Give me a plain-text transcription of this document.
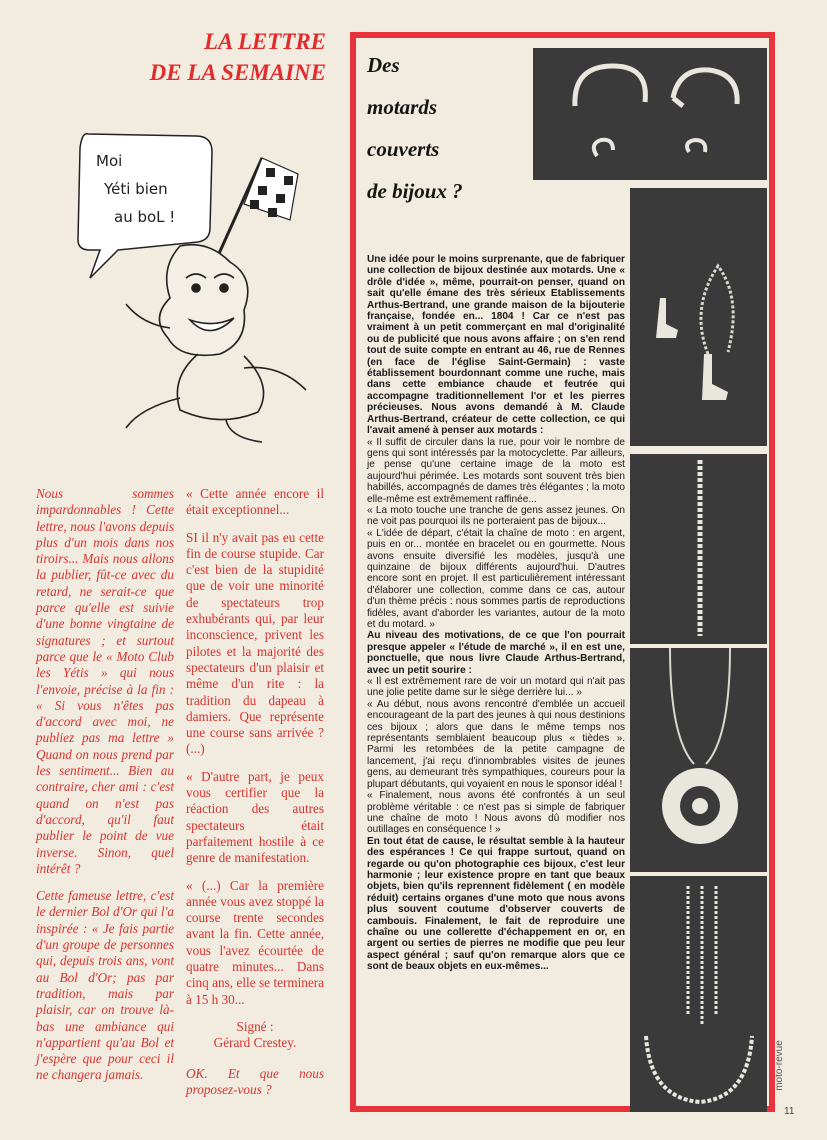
LA LETTRE
DE LA SEMAINE
Moi
Yéti bien
au boL !

Nous sommes impardonnables ! Cette lettre, nous l'avons depuis plus d'un mois dans nos tiroirs... Mais nous allons la publier, fût-ce avec du retard, ne serait-ce que parce qu'elle est suivie d'une bonne vingtaine de signatures ; et surtout parce que le « Moto Club les Yétis » qui nous l'envoie, précise à la fin : « Si vous n'êtes pas d'accord avec moi, ne publiez pas ma lettre » Quand on nous prend par les sentiment... Bien au contraire, cher ami : c'est quand on n'est pas d'accord, qu'il faut publier le point de vue inverse. Sinon, quel intérêt ?

Cette fameuse lettre, c'est le dernier Bol d'Or qui l'a inspirée : « Je fais partie d'un groupe de personnes qui, depuis trois ans, vont au Bol d'Or; pas par tradition, mais par plaisir, car on trouve là-bas une ambiance qui n'appartient qu'au Bol et j'espère que pour ceci il ne changera jamais.

« Cette année encore il était exceptionnel...

SI il n'y avait pas eu cette fin de course stupide. Car c'est bien de la stupidité que de voir une minorité de spectateurs trop exhubérants qui, par leur inconscience, privent les pilotes et la majorité des spectateurs d'un plaisir et même d'un rite : la tradition du dapeau à damiers. Que représente une course sans arrivée ? (...)

« D'autre part, je peux vous certifier que la réaction des autres spectateurs était parfaitement hostile à ce genre de manifestation.

« (...) Car la première année vous avez stoppé la course trente secondes avant la fin. Cette année, vous l'avez écourtée de quatre minutes... Dans cinq ans, elle se terminera à 15 h 30...

Signé :

Gérard Crestey.

OK. Et que nous proposez-vous ?

Des
motards
couverts
de bijoux ?

Une idée pour le moins surprenante, que de fabriquer une collection de bijoux destinée aux motards. Une « drôle d'idée », même, pourrait-on penser, quand on sait qu'elle émane des très sérieux Etablissements Arthus-Bertrand, une grande maison de la bijouterie française, fondée en... 1804 ! Car ce n'est pas vraiment à un petit commerçant en mal d'originalité ou de publicité que nous avons affaire ; on s'en rend tout de suite compte en entrant au 46, rue de Rennes (en face de l'église Saint-Germain) : vaste établissement bourdonnant comme une ruche, mais dans cette embiance chaude et feutrée qui accompagne traditionnellement l'or et les pierres précieuses. Nous avons demandé à M. Claude Arthus-Bertrand, créateur de cette collection, ce qui l'avait amené à penser aux motards :

« Il suffit de circuler dans la rue, pour voir le nombre de gens qui sont intéressés par la motocyclette. Par ailleurs, je pense qu'une certaine image de la moto est aujourd'hui périmée. Les motards sont souvent très bien habillés, accompagnés de dames très élégantes ; la moto elle-même est extrêmement raffinée...

« La moto touche une tranche de gens assez jeunes. On ne voit pas pourquoi ils ne porteraient pas de bijoux...

« L'idée de départ, c'était la chaîne de moto : en argent, puis en or... montée en bracelet ou en gourmette. Nous avons ensuite diversifié les modèles, jusqu'à une quinzaine de bijoux différents aujourd'hui. D'autres encore sont en projet. Il est particulièrement intéressant d'élaborer une collection, comme dans ce cas, autour d'un thème précis : nous sommes partis de reproductions fidèles, avant d'aborder les variantes, autour de la moto et du motard. »

Au niveau des motivations, de ce que l'on pourrait presque appeler « l'étude de marché », il en est une, ponctuelle, que nous livre Claude Arthus-Bertrand, avec un petit sourire :

« Il est extrêmement rare de voir un motard qui n'ait pas une jolie petite dame sur le siège derrière lui... »

« Au début, nous avons rencontré d'emblée un accueil encourageant de la part des jeunes à qui nous destinions ces bijoux ; alors que dans le même temps nos représentants semblaient beaucoup plus « tièdes ». Parmi les retombées de la petite campagne de lancement, j'ai reçu d'innombrables visites de jeunes gens, au demeurant très sympathiques, coureurs pour la plupart débutants, qui voyaient en nous le sponsor idéal !

« Finalement, nous avons été confrontés à un seul problème véritable : ce n'est pas si simple de fabriquer une chaîne de moto ! Nous avons dû modifier nos outillages en conséquence ! »

En tout état de cause, le résultat semble à la hauteur des espérances ! Ce qui frappe surtout, quand on regarde ou qu'on photographie ces bijoux, c'est leur harmonie ; leur existence propre en tant que beaux objets, bien qu'ils reprennent fidèlement ( en modèle réduit) certains organes d'une moto que nous avons plus souvent coutume d'observer couverts de cambouis. Finalement, le fait de reproduire une chaîne ou une collerette d'échappement en or, en argent ou serties de pierres ne modifie que peu leur aspect général ; sauf qu'on remarque alors que ce sont de beaux objets en eux-mêmes...

moto-revue
11
